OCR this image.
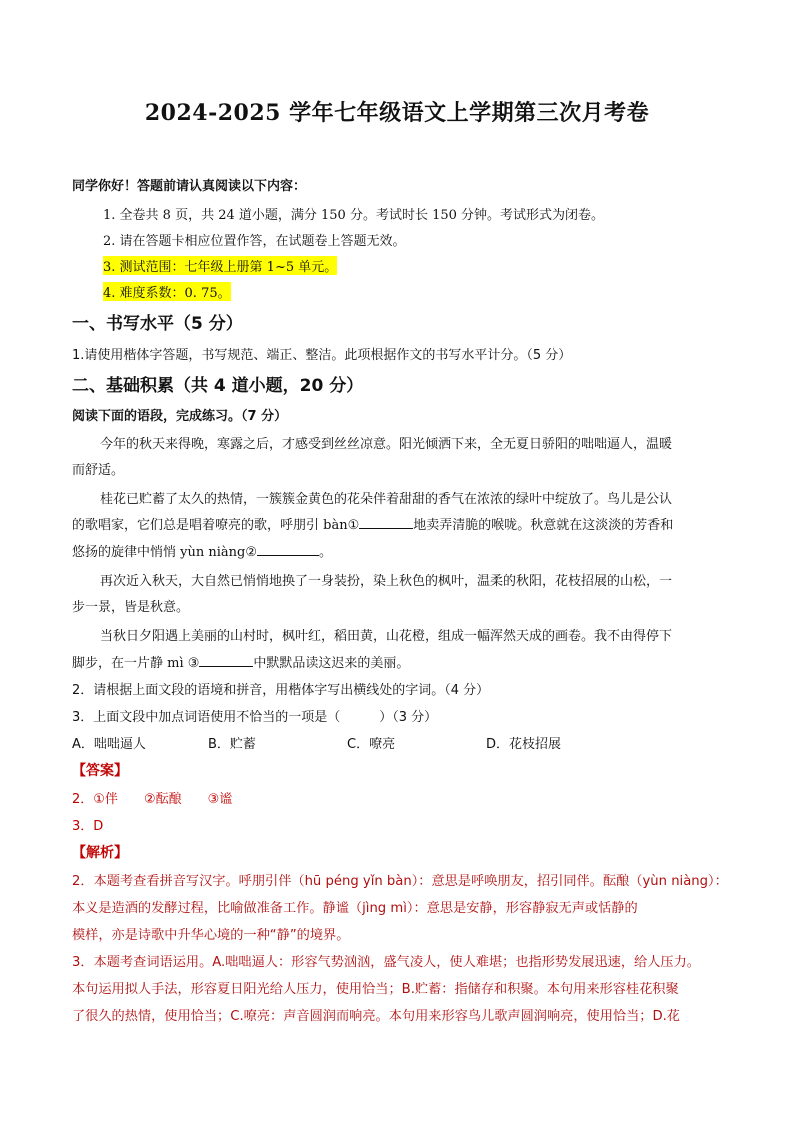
2024-2025 学年七年级语文上学期第三次月考卷
同学你好！答题前请认真阅读以下内容：
1. 全卷共 8 页，共 24 道小题，满分 150 分。考试时长 150 分钟。考试形式为闭卷。
2. 请在答题卡相应位置作答，在试题卷上答题无效。
3. 测试范围：七年级上册第 1~5 单元。
4. 难度系数：0. 75。
一、书写水平（5 分）
1.请使用楷体字答题，书写规范、端正、整洁。此项根据作文的书写水平计分。（5 分）
二、基础积累（共 4 道小题，20 分）
阅读下面的语段，完成练习。（7 分）
今年的秋天来得晚，寒露之后，才感受到丝丝凉意。阳光倾洒下来，全无夏日骄阳的咄咄逼人，温暖
而舒适。
桂花已贮蓄了太久的热情，一簇簇金黄色的花朵伴着甜甜的香气在浓浓的绿叶中绽放了。鸟儿是公认
的歌唱家，它们总是唱着嘹亮的歌，呼朋引 bàn①	地卖弄清脆的喉咙。秋意就在这淡淡的芳香和
悠扬的旋律中悄悄 yùn niàng②	。
再次近入秋天，大自然已悄悄地换了一身装扮，染上秋色的枫叶，温柔的秋阳，花枝招展的山松，一
步一景，皆是秋意。
当秋日夕阳遇上美丽的山村时，枫叶红，稻田黄，山花橙，组成一幅浑然天成的画卷。我不由得停下
脚步，在一片静 mì ③	中默默品读这迟来的美丽。
2．请根据上面文段的语境和拼音，用楷体字写出横线处的字词。（4 分）
3．上面文段中加点词语使用不恰当的一项是（　　　）（3 分）
A．咄咄逼人	B．贮蓄	C．嘹亮	D．花枝招展
【答案】
2．①伴 ②酝酿 ③谧
3．D
【解析】
2．本题考查看拼音写汉字。呼朋引伴（hū péng yǐn bàn）：意思是呼唤朋友，招引同伴。酝酿（yùn niàng）：
本义是造酒的发酵过程，比喻做准备工作。静谧（jìng mì）：意思是安静，形容静寂无声或恬静的
模样，亦是诗歌中升华心境的一种“静”的境界。
3．本题考查词语运用。A.咄咄逼人：形容气势汹汹，盛气凌人，使人难堪；也指形势发展迅速，给人压力。
本句运用拟人手法，形容夏日阳光给人压力，使用恰当；B.贮蓄：指储存和积聚。本句用来形容桂花积聚
了很久的热情，使用恰当；C.嘹亮：声音圆润而响亮。本句用来形容鸟儿歌声圆润响亮，使用恰当；D.花
